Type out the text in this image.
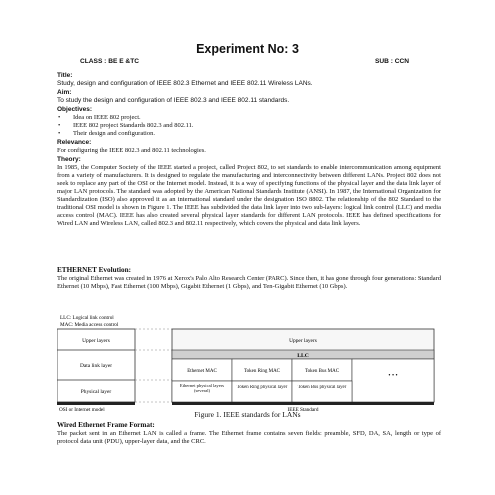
Experiment No: 3
CLASS : BE E &TC	SUB : CCN
Title:
Study, design and configuration of IEEE 802.3 Ethernet and IEEE 802.11 Wireless LANs.
Aim:
To study the design and configuration of IEEE 802.3 and IEEE 802.11 standards.
Objectives:
• Idea on IEEE 802 project.
• IEEE 802 project Standards 802.3 and 802.11.
• Their design and configuration.
Relevance:
For configuring the IEEE 802.3 and 802.11 technologies.
Theory:
In 1985, the Computer Society of the IEEE started a project, called Project 802, to set standards to enable intercommunication among equipment from a variety of manufacturers. It is designed to regulate the manufacturing and interconnectivity between different LANs. Project 802 does not seek to replace any part of the OSI or the Internet model. Instead, it is a way of specifying functions of the physical layer and the data link layer of major LAN protocols. The standard was adopted by the American National Standards Institute (ANSI). In 1987, the International Organization for Standardization (ISO) also approved it as an international standard under the designation ISO 8802. The relationship of the 802 Standard to the traditional OSI model is shown in Figure 1. The IEEE has subdivided the data link layer into two sub-layers: logical link control (LLC) and media access control (MAC). IEEE has also created several physical layer standards for different LAN protocols. IEEE has defined specifications for Wired LAN and Wireless LAN, called 802.3 and 802.11 respectively, which covers the physical and data link layers.
ETHERNET Evolution:
The original Ethernet was created in 1976 at Xerox's Palo Alto Research Center (PARC). Since then, it has gone through four generations: Standard Ethernet (10 Mbps), Fast Ethernet (100 Mbps), Gigabit Ethernet (1 Gbps), and Ten-Gigabit Ethernet (10 Gbps).
LLC: Logical link control
MAC: Media access control
Upper layers
Data link layer
Physical layer
OSI or Internet model
Upper layers
LLC
Ethernet MAC	Token Ring MAC	Token Bus MAC
Ethernet physical layers (several)
Token Ring physical layer	Token Bus physical layer
• • •
IEEE Standard
Figure 1. IEEE standards for LANs
Wired Ethernet Frame Format:
The packet sent in an Ethernet LAN is called a frame. The Ethernet frame contains seven fields: preamble, SFD, DA, SA, length or type of protocol data unit (PDU), upper-layer data, and the CRC.
